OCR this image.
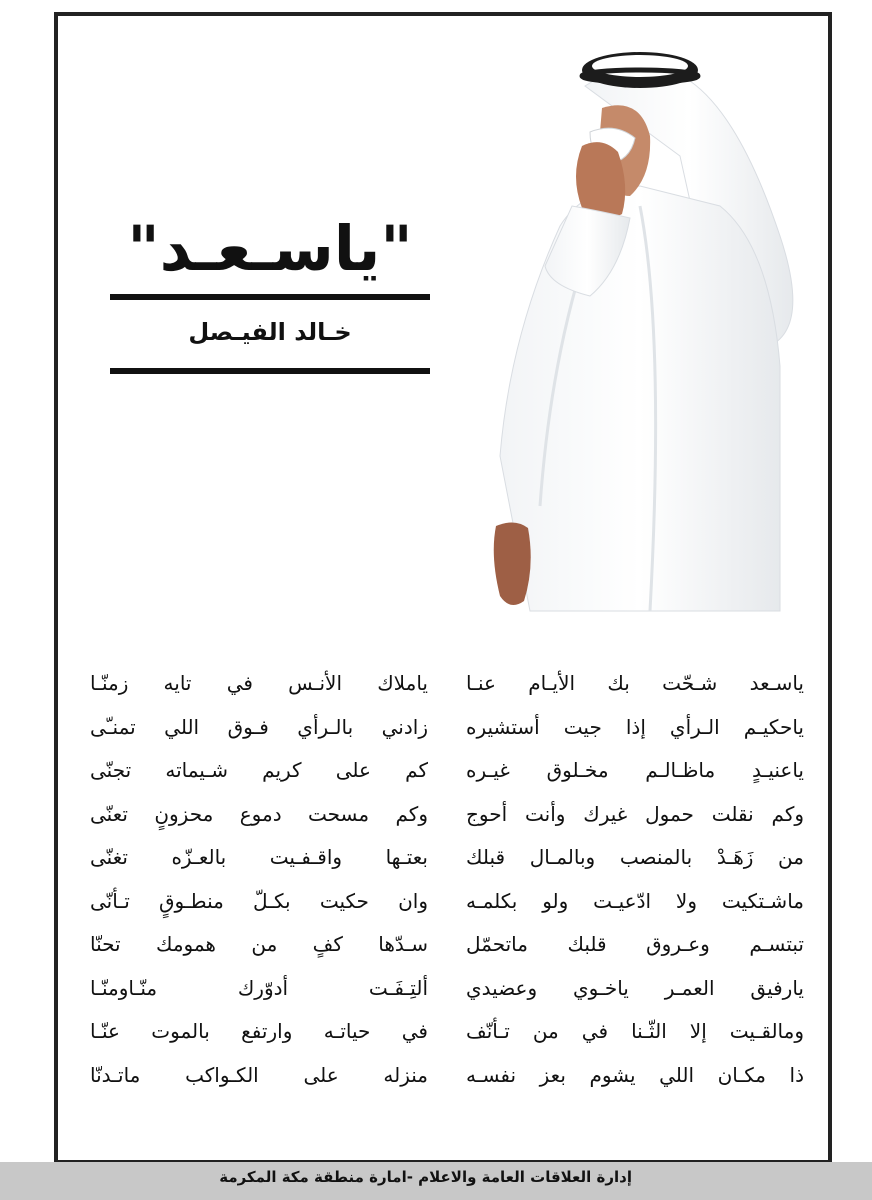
"ياسـعـد"
خـالد الفيـصل
ياسـعد شـحّت بك الأيـام عنـا
ياحكيـم الـرأي إذا جيت أستشيره
ياعنيـدٍ ماظـالـم مخـلوق غيـره
وكم نقلت حمول غيرك وأنت أحوج
من زَهَـدْ بالمنصب وبالمـال قبلك
ماشـتكيت ولا ادّعيـت ولو بكلمـه
تبتسـم وعـروق قلبك ماتحمّل
يارفيق العمـر ياخـوي وعضيدي
ومالقـيت إلا الثّـنا في من تـأنّف
ذا مكـان اللي يشوم بعز نفسـه
ياملاك الأنـس في تايه زمنّـا
زادني بالـرأي فـوق اللي تمنـّى
كم على كريم شـيماته تجنّى
وكم مسحت دموع محزونٍ تعنّى
بعتـها واقـفـيت بالعـزّه تغنّى
وان حكيت بكـلّ منطـوقٍ تـأنّى
سـدّها كفٍ من همومك تحنّا
ألتِـفَـت أدوّرك منّـاومنّـا
في حياتـه وارتفع بالموت عنّـا
منزله على الكـواكب ماتـدنّا
إدارة العلاقات العامة والاعلام -امارة منطقة مكة المكرمة
